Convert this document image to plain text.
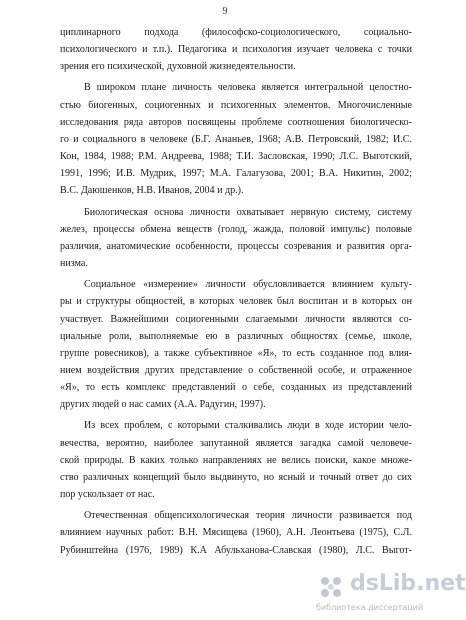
9

циплинарного подхода (философско-социологического, социально-
психологического и т.п.). Педагогика и психология изучает человека с точки
зрения его психической, духовной жизнедеятельности.

В широком плане личность человека является интегральной целостно-
стью биогенных, социогенных и психогенных элементов. Многочисленные
исследования ряда авторов посвящены проблеме соотношения биологическо-
го и социального в человеке (Б.Г. Ананьев, 1968; А.В. Петровский, 1982; И.С.
Кон, 1984, 1988; Р.М. Андреева, 1988; Т.И. Засловская, 1990; Л.С. Выготский,
1991, 1996; И.В. Мудрик, 1997; М.А. Галагузова, 2001; В.А. Никитин, 2002;
В.С. Даюшенков, Н.В. Иванов, 2004 и др.).

Биологическая основа личности охватывает нервную систему, систему
желез, процессы обмена веществ (голод, жажда, половой импульс) половые
различия, анатомические особенности, процессы созревания и развития орга-
низма.

Социальное «измерение» личности обусловливается влиянием культу-
ры и структуры общностей, в которых человек был воспитан и в которых он
участвует. Важнейшими социогенными слагаемыми личности являются со-
циальные роли, выполняемые ею в различных общностях (семье, школе,
группе ровесников), а также субъективное «Я», то есть созданное под влия-
нием воздействия других представление о собственной особе, и отраженное
«Я», то есть комплекс представлений о себе, созданных из представлений
других людей о нас самих (А.А. Радугин, 1997).

Из всех проблем, с которыми сталкивались люди в ходе истории чело-
вечества, вероятно, наиболее запутанной является загадка самой человече-
ской природы. В каких только направлениях не велись поиски, какое множе-
ство различных концепций было выдвинуто, но ясный и точный ответ до сих
пор ускользает от нас.

Отечественная общепсихологическая теория личности развивается под
влиянием научных работ: В.Н. Мясищева (1960), А.Н. Леонтьева (1975), С.Л.
Рубинштейна (1976, 1989) К.А Абульханова-Славская (1980), Л.С. Выгот-

dsLib.net
библиотека диссертаций
